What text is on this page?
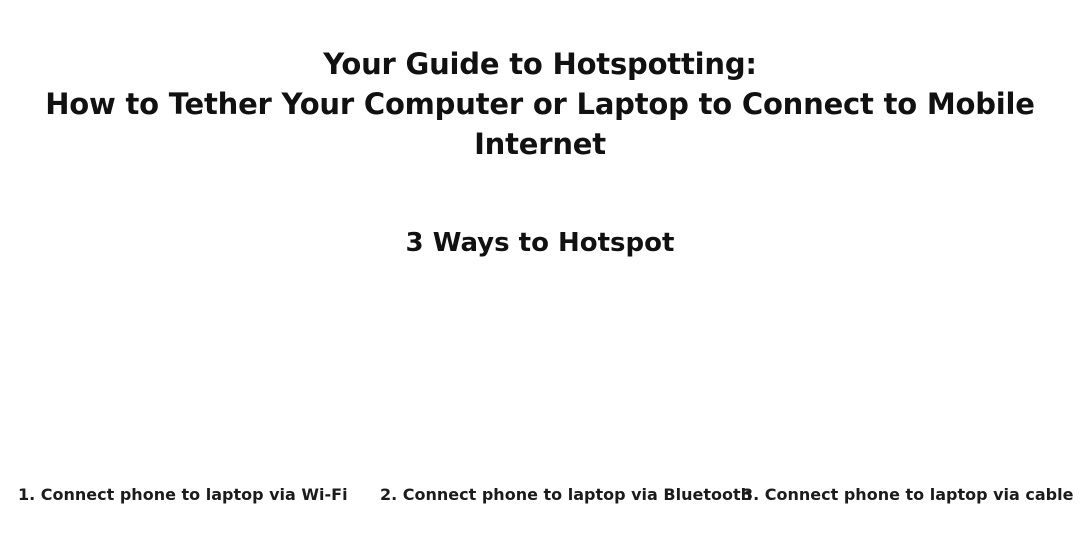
Your Guide to Hotspotting:
How to Tether Your Computer or Laptop to Connect to Mobile Internet
3 Ways to Hotspot
1. Connect phone to laptop via Wi-Fi 2. Connect phone to laptop via Bluetooth
3. Connect phone to laptop via cable
